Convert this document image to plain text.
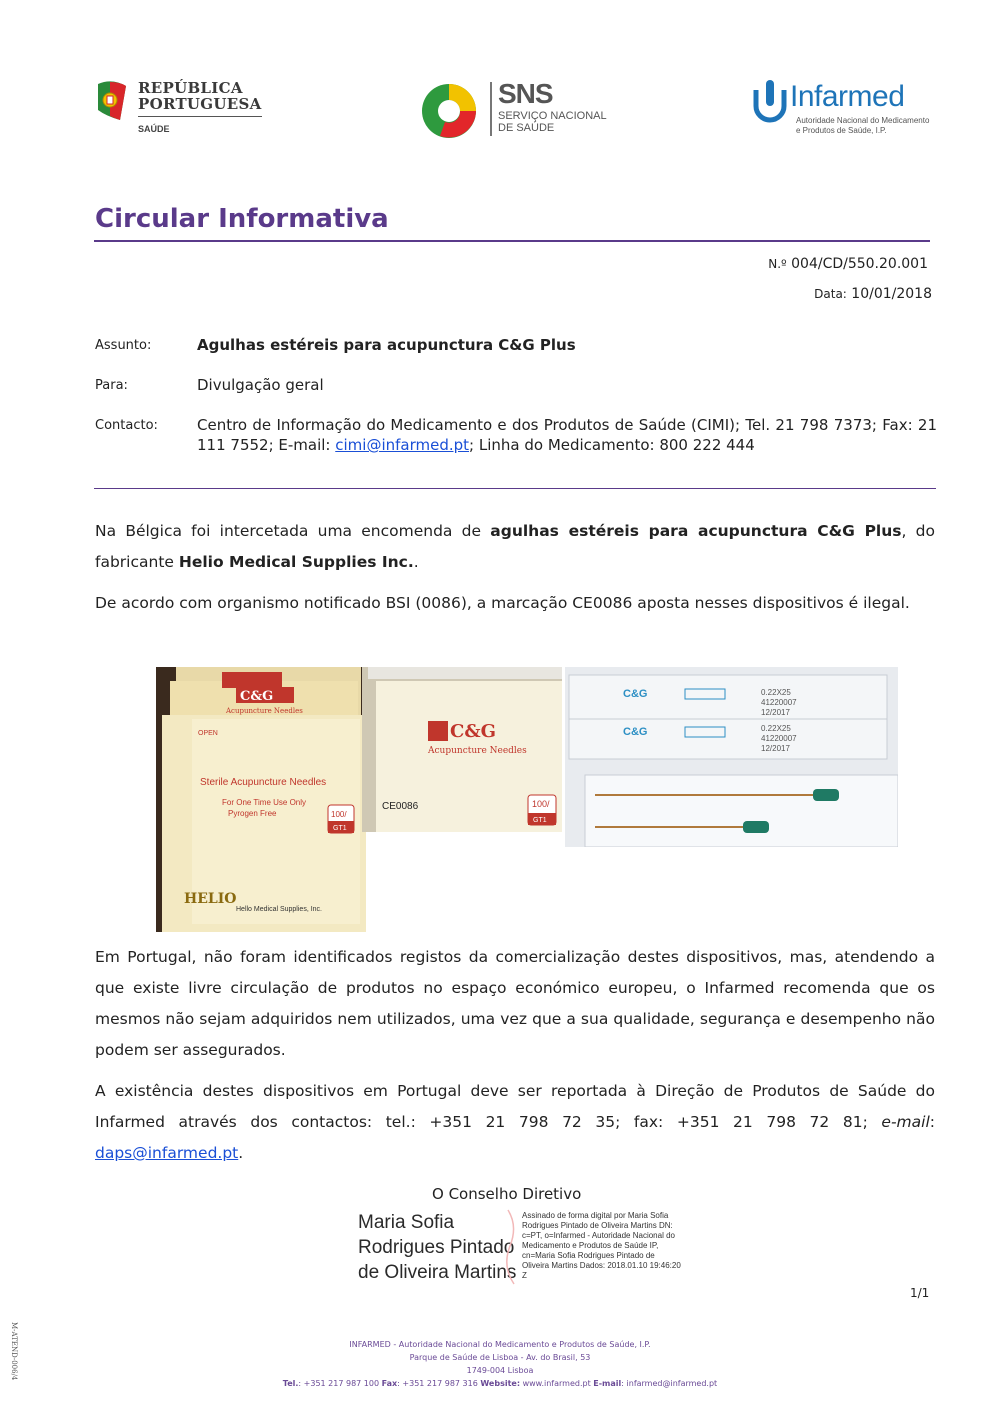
REPÚBLICA
PORTUGUESA
SAÚDE
SNS
SERVIÇO NACIONAL
DE SAÚDE
Infarmed
Autoridade Nacional do Medicamento
e Produtos de Saúde, I.P.
Circular Informativa
N.º 004/CD/550.20.001
Data: 10/01/2018
Assunto:	Agulhas estéreis para acupunctura C&G Plus
Para:	Divulgação geral
Contacto:	Centro de Informação do Medicamento e dos Produtos de Saúde (CIMI); Tel. 21 798 7373; Fax: 21 111 7552; E-mail: cimi@infarmed.pt; Linha do Medicamento: 800 222 444
Na Bélgica foi intercetada uma encomenda de agulhas estéreis para acupunctura C&G Plus, do fabricante Helio Medical Supplies Inc..
De acordo com organismo notificado BSI (0086), a marcação CE0086 aposta nesses dispositivos é ilegal.
C&G
Acupuncture Needles
OPEN
Sterile Acupuncture Needles
For One Time Use Only
Pyrogen Free	100/
GT1
HELIO
Hello Medical Supplies, Inc.
C&G
Acupuncture Needles
CE0086	100/
GT1
C&G
C&G
0.22X25
41220007
12/2017
0.22X25
41220007
12/2017
Em Portugal, não foram identificados registos da comercialização destes dispositivos, mas, atendendo a que existe livre circulação de produtos no espaço económico europeu, o Infarmed recomenda que os mesmos não sejam adquiridos nem utilizados, uma vez que a sua qualidade, segurança e desempenho não podem ser assegurados.
A existência destes dispositivos em Portugal deve ser reportada à Direção de Produtos de Saúde do Infarmed através dos contactos: tel.: +351 21 798 72 35; fax: +351 21 798 72 81; e-mail: daps@infarmed.pt.
O Conselho Diretivo
Maria Sofia
Rodrigues Pintado
de Oliveira Martins
Assinado de forma digital por Maria Sofia Rodrigues Pintado de Oliveira Martins DN: c=PT, o=Infarmed - Autoridade Nacional do Medicamento e Produtos de Saúde IP, cn=Maria Sofia Rodrigues Pintado de Oliveira Martins Dados: 2018.01.10 19:46:20 Z
1/1
M-ATEND-006/4	INFARMED - Autoridade Nacional do Medicamento e Produtos de Saúde, I.P.
Parque de Saúde de Lisboa - Av. do Brasil, 53
1749-004 Lisboa
Tel.: +351 217 987 100 Fax: +351 217 987 316 Website: www.infarmed.pt E-mail: infarmed@infarmed.pt
